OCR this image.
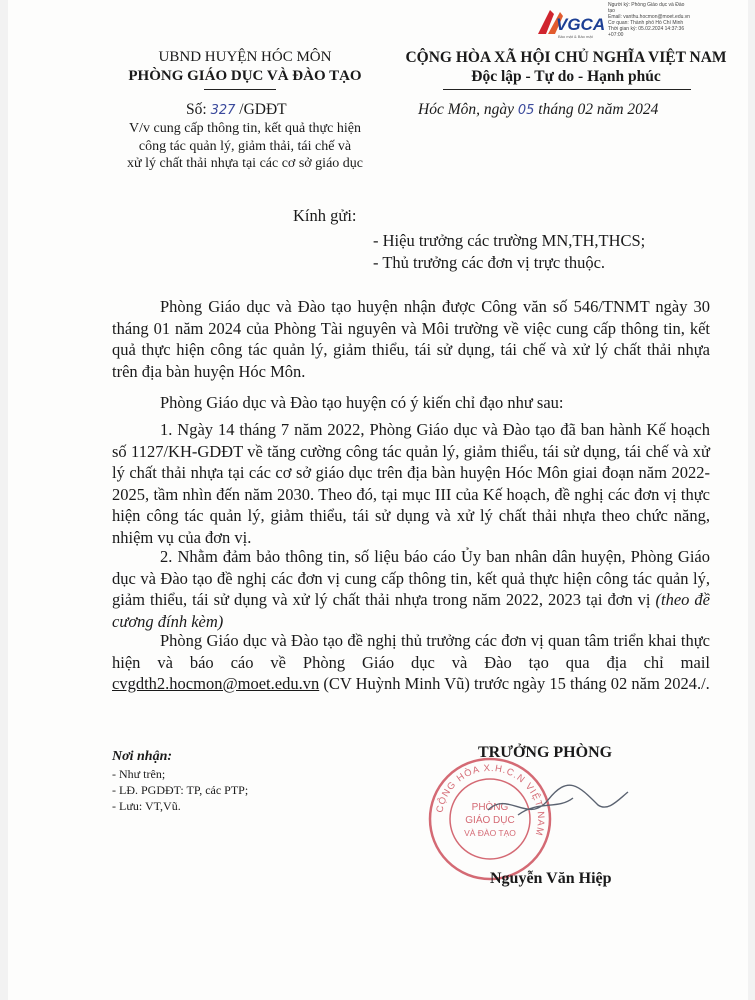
VGCA
Bảo mật & Bảo mật
Người ký: Phòng Giáo dục và Đào
tạo
Email: vanthu.hocmon@moet.edu.vn
Cơ quan: Thành phố Hồ Chí Minh
Thời gian ký: 05.02.2024 14:37:36
+07:00
UBND HUYỆN HÓC MÔN
PHÒNG GIÁO DỤC VÀ ĐÀO TẠO
CỘNG HÒA XÃ HỘI CHỦ NGHĨA VIỆT NAM
Độc lập - Tự do - Hạnh phúc
Số: 327 /GDĐT
V/v cung cấp thông tin, kết quả thực hiện
công tác quản lý, giảm thải, tái chế và
xử lý chất thải nhựa tại các cơ sở giáo dục
Hóc Môn, ngày 05 tháng 02 năm 2024
Kính gửi:
- Hiệu trưởng các trường MN,TH,THCS;
- Thủ trưởng các đơn vị trực thuộc.
Phòng Giáo dục và Đào tạo huyện nhận được Công văn số 546/TNMT ngày 30 tháng 01 năm 2024 của Phòng Tài nguyên và Môi trường về việc cung cấp thông tin, kết quả thực hiện công tác quản lý, giảm thiểu, tái sử dụng, tái chế và xử lý chất thải nhựa trên địa bàn huyện Hóc Môn.
Phòng Giáo dục và Đào tạo huyện có ý kiến chỉ đạo như sau:
1. Ngày 14 tháng 7 năm 2022, Phòng Giáo dục và Đào tạo đã ban hành Kế hoạch số 1127/KH-GDĐT về tăng cường công tác quản lý, giảm thiểu, tái sử dụng, tái chế và xử lý chất thải nhựa tại các cơ sở giáo dục trên địa bàn huyện Hóc Môn giai đoạn năm 2022-2025, tầm nhìn đến năm 2030. Theo đó, tại mục III của Kế hoạch, đề nghị các đơn vị thực hiện công tác quản lý, giảm thiểu, tái sử dụng và xử lý chất thải nhựa theo chức năng, nhiệm vụ của đơn vị.
2. Nhằm đảm bảo thông tin, số liệu báo cáo Ủy ban nhân dân huyện, Phòng Giáo dục và Đào tạo đề nghị các đơn vị cung cấp thông tin, kết quả thực hiện công tác quản lý, giảm thiểu, tái sử dụng và xử lý chất thải nhựa trong năm 2022, 2023 tại đơn vị (theo đề cương đính kèm)
Phòng Giáo dục và Đào tạo đề nghị thủ trưởng các đơn vị quan tâm triển khai thực hiện và báo cáo về Phòng Giáo dục và Đào tạo qua địa chỉ mail cvgdth2.hocmon@moet.edu.vn (CV Huỳnh Minh Vũ) trước ngày 15 tháng 02 năm 2024./.
Nơi nhận:
- Như trên;
- LĐ. PGDĐT: TP, các PTP;
- Lưu: VT,Vũ.
TRƯỞNG PHÒNG
CỘNG HÒA X.H.C.N VIỆT NAM
PHÒNG
GIÁO DỤC
VÀ ĐÀO TẠO
Nguyễn Văn Hiệp
